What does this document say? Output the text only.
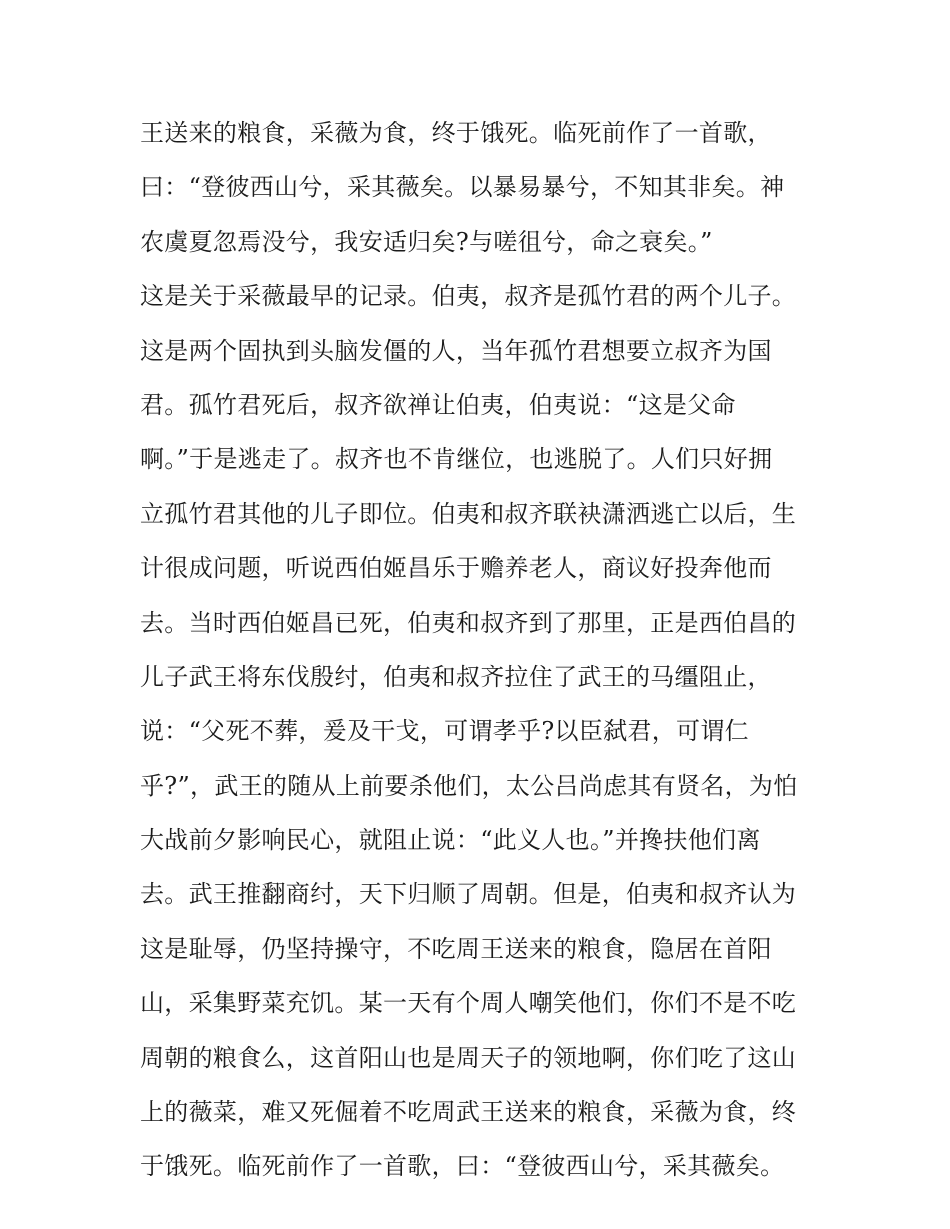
王送来的粮食，采薇为食，终于饿死。临死前作了一首歌，
曰：“登彼西山兮，采其薇矣。以暴易暴兮，不知其非矣。神
农虞夏忽焉没兮，我安适归矣?与嗟徂兮，命之衰矣。”
这是关于采薇最早的记录。伯夷，叔齐是孤竹君的两个儿子。
这是两个固执到头脑发僵的人，当年孤竹君想要立叔齐为国
君。孤竹君死后，叔齐欲禅让伯夷，伯夷说：“这是父命
啊。”于是逃走了。叔齐也不肯继位，也逃脱了。人们只好拥
立孤竹君其他的儿子即位。伯夷和叔齐联袂潇洒逃亡以后，生
计很成问题，听说西伯姬昌乐于赡养老人，商议好投奔他而
去。当时西伯姬昌已死，伯夷和叔齐到了那里，正是西伯昌的
儿子武王将东伐殷纣，伯夷和叔齐拉住了武王的马缰阻止，
说：“父死不葬，爰及干戈，可谓孝乎?以臣弑君，可谓仁
乎?”，武王的随从上前要杀他们，太公吕尚虑其有贤名，为怕
大战前夕影响民心，就阻止说：“此义人也。”并搀扶他们离
去。武王推翻商纣，天下归顺了周朝。但是，伯夷和叔齐认为
这是耻辱，仍坚持操守，不吃周王送来的粮食，隐居在首阳
山，采集野菜充饥。某一天有个周人嘲笑他们，你们不是不吃
周朝的粮食么，这首阳山也是周天子的领地啊，你们吃了这山
上的薇菜，难又死倔着不吃周武王送来的粮食，采薇为食，终
于饿死。临死前作了一首歌，曰：“登彼西山兮，采其薇矣。
